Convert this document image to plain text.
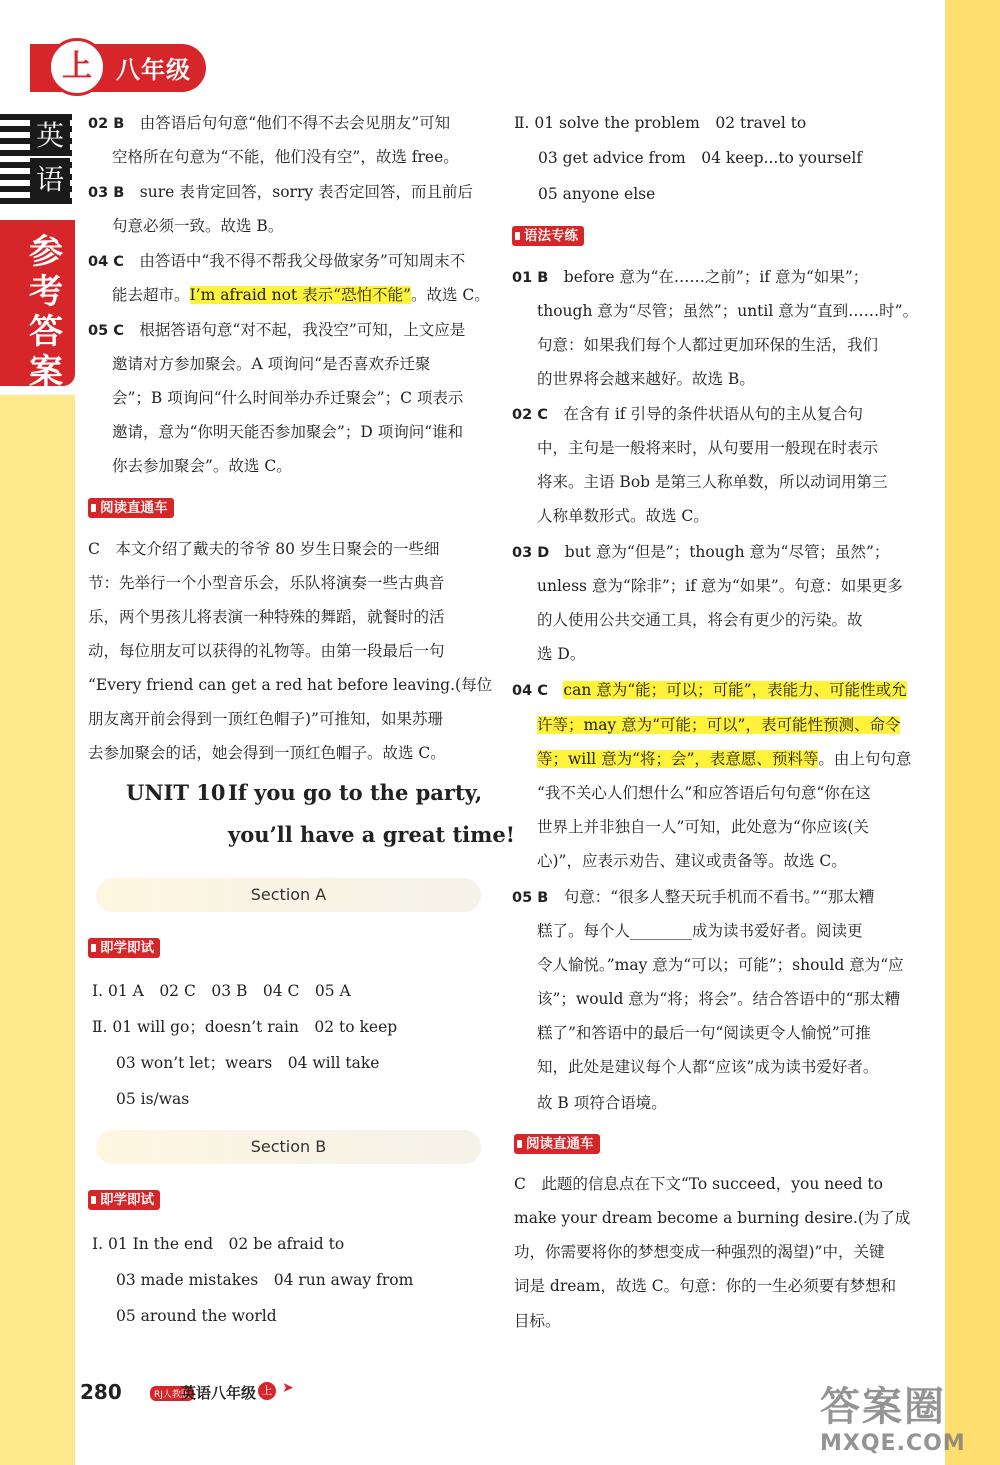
上	八年级
英
语
参
考
答
案
02 B　 由答语后句句意“他们不得不去会见朋友”可知
空格所在句意为“不能，他们没有空”，故选 free。
03 B　 sure 表肯定回答，sorry 表否定回答，而且前后
句意必须一致。故选 B。
04 C　 由答语中“我不得不帮我父母做家务”可知周末不
能去超市。I’m afraid not 表示“恐怕不能”。故选 C。
05 C　 根据答语句意“对不起，我没空”可知，上文应是
邀请对方参加聚会。A 项询问“是否喜欢乔迁聚
会”；B 项询问“什么时间举办乔迁聚会”；C 项表示
邀请，意为“你明天能否参加聚会”；D 项询问“谁和
你去参加聚会”。故选 C。
阅读直通车
C　本文介绍了戴夫的爷爷 80 岁生日聚会的一些细
节：先举行一个小型音乐会，乐队将演奏一些古典音
乐，两个男孩儿将表演一种特殊的舞蹈，就餐时的活
动，每位朋友可以获得的礼物等。由第一段最后一句
“Every friend can get a red hat before leaving.(每位
朋友离开前会得到一顶红色帽子)”可推知，如果苏珊
去参加聚会的话，她会得到一顶红色帽子。故选 C。
UNIT 10 If you go to the party,
you’ll have a great time!
Section A
即学即试
Ⅰ. 01 A　02 C　03 B　04 C　05 A
Ⅱ. 01 will go；doesn’t rain　02 to keep
03 won’t let；wears　04 will take
05 is/was
Section B
即学即试
Ⅰ. 01 In the end　02 be afraid to
03 made mistakes　04 run away from
05 around the world
Ⅱ. 01 solve the problem　02 travel to
03 get advice from　04 keep...to yourself
05 anyone else
语法专练
01 B　 before 意为“在……之前”；if 意为“如果”；
though 意为“尽管；虽然”；until 意为“直到……时”。
句意：如果我们每个人都过更加环保的生活，我们
的世界将会越来越好。故选 B。
02 C　 在含有 if 引导的条件状语从句的主从复合句
中，主句是一般将来时，从句要用一般现在时表示
将来。主语 Bob 是第三人称单数，所以动词用第三
人称单数形式。故选 C。
03 D　 but 意为“但是”；though 意为“尽管；虽然”；
unless 意为“除非”；if 意为“如果”。句意：如果更多
的人使用公共交通工具，将会有更少的污染。故
选 D。
04 C　 can 意为“能；可以；可能”，表能力、可能性或允
许等；may 意为“可能；可以”，表可能性预测、命令
等；will 意为“将；会”，表意愿、预料等。由上句句意
“我不关心人们想什么”和应答语后句句意“你在这
世界上并非独自一人”可知，此处意为“你应该(关
心)”，应表示劝告、建议或责备等。故选 C。
05 B　 句意：“很多人整天玩手机而不看书。”“那太糟
糕了。每个人________成为读书爱好者。阅读更
令人愉悦。”may 意为“可以；可能”；should 意为“应
该”；would 意为“将；将会”。结合答语中的“那太糟
糕了”和答语中的最后一句“阅读更令人愉悦”可推
知，此处是建议每个人都“应该”成为读书爱好者。
故 B 项符合语境。
阅读直通车
C　此题的信息点在下文“To succeed，you need to
make your dream become a burning desire.(为了成
功，你需要将你的梦想变成一种强烈的渴望)”中，关键
词是 dream，故选 C。句意：你的一生必须要有梦想和
目标。
280	RJ人教版
英语八年级 上 ➤	答案圈
MXQE.COM
